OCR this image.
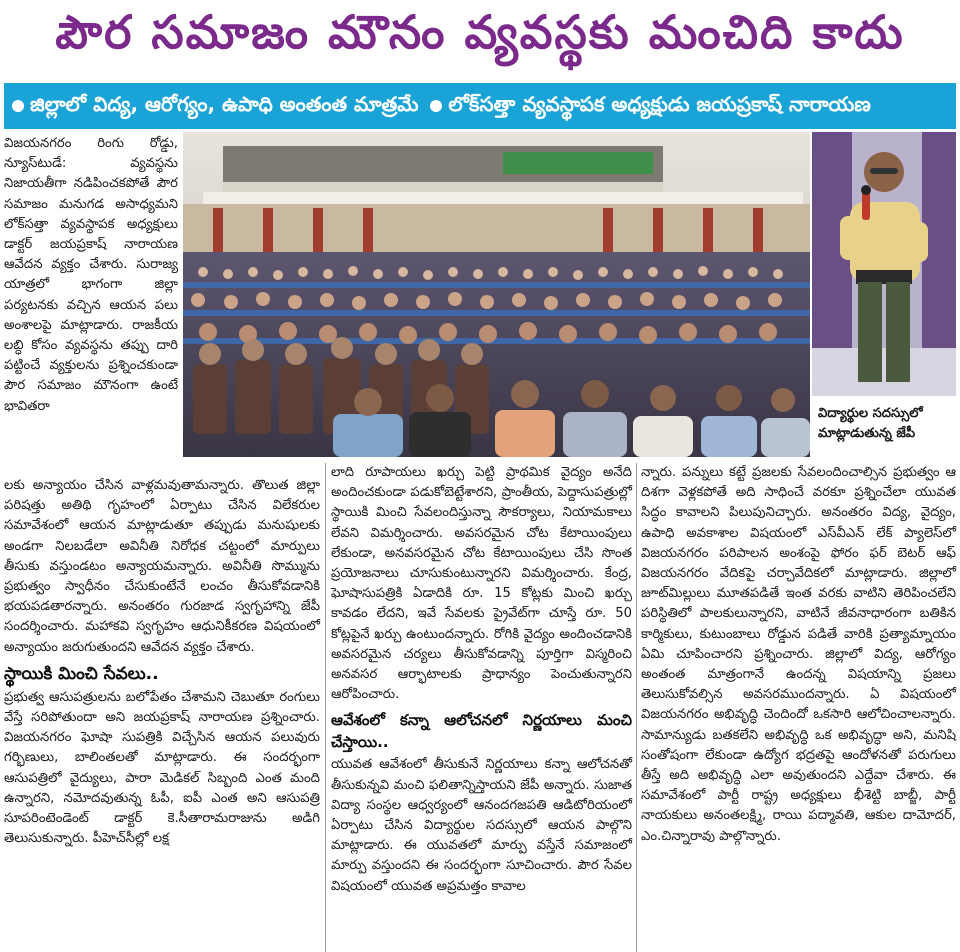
పౌర సమాజం మౌనం వ్యవస్థకు మంచిది కాదు
జిల్లాలో విద్య, ఆరోగ్యం, ఉపాధి అంతంత మాత్రమే లోక్‌సత్తా వ్యవస్థాపక అధ్యక్షుడు జయప్రకాష్ నారాయణ

విజయనగరం రింగు రోడ్డు, న్యూస్‌టుడే: వ్యవస్థను నిజాయతీగా నడిపించకపోతే పౌర సమాజం మనుగడ అసాధ్యమని లోక్‌సత్తా వ్యవస్థాపక అధ్యక్షులు డాక్టర్ జయప్రకాష్ నారాయణ ఆవేదన వ్యక్తం చేశారు. సురాజ్య యాత్రలో భాగంగా జిల్లా పర్యటనకు వచ్చిన ఆయన పలు అంశాలపై మాట్లాడారు. రాజకీయ లబ్ధి కోసం వ్యవస్థను తప్పు దారి పట్టించే వ్యక్తులను ప్రశ్నించకుండా పౌర సమాజం మౌనంగా ఉంటే భావితరా	విద్యార్థుల సదస్సులో మాట్లాడుతున్న జేపీ

లకు అన్యాయం చేసిన వాళ్లమవుతామన్నారు. తొలుత జిల్లా పరిషత్తు అతిథి గృహంలో ఏర్పాటు చేసిన విలేకరుల సమావేశంలో ఆయన మాట్లాడుతూ తప్పుడు మనుషులకు అండగా నిలబడేలా అవినీతి నిరోధక చట్టంలో మార్పులు తీసుకు వస్తుండటం అన్యాయమన్నారు. అవినీతి సొమ్మును ప్రభుత్వం స్వాధీనం చేసుకుంటేనే లంచం తీసుకోవడానికి భయపడతారన్నారు. అనంతరం గురజాడ స్వగృహాన్ని జేపీ సందర్శించారు. మహాకవి స్వగృహం ఆధునికీకరణ విషయంలో అన్యాయం జరుగుతుందని ఆవేదన వ్యక్తం చేశారు.

స్థాయికి మించి సేవలు..

ప్రభుత్వ ఆసుపత్రులను బలోపేతం చేశామని చెబుతూ రంగులు వేస్తే సరిపోతుందా అని జయప్రకాష్ నారాయణ ప్రశ్నించారు. విజయనగరం ఘోషా సుపత్రికి విచ్చేసిన ఆయన పలువురు గర్భిణులు, బాలింతలతో మాట్లాడారు. ఈ సందర్భంగా ఆసుపత్రిలో వైద్యులు, పారా మెడికల్ సిబ్బంది ఎంత మంది ఉన్నారని, నమోదవుతున్న ఓపీ, ఐపీ ఎంత అని ఆసుపత్రి సూపరింటెండెంట్ డాక్టర్ కె.సీతారామరాజును అడిగి తెలుసుకున్నారు. పీహెచ్‌సీల్లో లక్ష

లాది రూపాయలు ఖర్చు పెట్టి ప్రాథమిక వైద్యం అనేది అందించకుండా పడుకోబెట్టేశారని, ప్రాంతీయ, పెద్దాసుపత్రుల్లో స్థాయికి మించి సేవలందిస్తున్నా సౌకర్యాలు, నియామకాలు లేవని విమర్శించారు. అవసరమైన చోట కేటాయింపులు లేకుండా, అనవసరమైన చోట కేటాయింపులు చేసి సొంత ప్రయోజనాలు చూసుకుంటున్నారని విమర్శించారు. కేంద్ర, ఘోషాసుపత్రికి ఏడాదికి రూ. 15 కోట్లకు మించి ఖర్చు కావడం లేదని, ఇవే సేవలకు ప్రైవేట్‌గా చూస్తే రూ. 50 కోట్లపైనే ఖర్చు ఉంటుందన్నారు. రోగికి వైద్యం అందించడానికి అవసరమైన చర్యలు తీసుకోవడాన్ని పూర్తిగా విస్మరించి అనవసర ఆర్భాటాలకు ప్రాధాన్యం పెంచుతున్నారని ఆరోపించారు.

ఆవేశంలో కన్నా ఆలోచనలో నిర్ణయాలు మంచి చేస్తాయి..

యువత ఆవేశంలో తీసుకునే నిర్ణయాలు కన్నా ఆలోచనతో తీసుకున్నవి మంచి ఫలితాన్నిస్తాయని జేపీ అన్నారు. సుజాత విద్యా సంస్థల ఆధ్వర్యంలో ఆనందగజపతి ఆడిటోరియంలో ఏర్పాటు చేసిన విద్యార్థుల సదస్సులో ఆయన పాల్గొని మాట్లాడారు. ఈ యువతలో మార్పు వస్తేనే సమాజంలో మార్పు వస్తుందని ఈ సందర్భంగా సూచించారు. పౌర సేవల విషయంలో యువత అప్రమత్తం కావాల

న్నారు. పన్నులు కట్టే ప్రజలకు సేవలందించాల్సిన ప్రభుత్వం ఆ దిశగా వెళ్లకపోతే అది సాధించే వరకూ ప్రశ్నించేలా యువత సిద్ధం కావాలని పిలుపునిచ్చారు. అనంతరం విద్య, వైద్యం, ఉపాధి అవకాశాల విషయంలో ఎస్‌వీఎన్ లేక్ ప్యాలెస్‌లో విజయనగరం పరిపాలన అంశంపై ఫోరం ఫర్ బెటర్ ఆఫ్ విజయనగరం వేదికపై చర్చావేదికలో మాట్లాడారు. జిల్లాలో జూట్‌మిల్లులు మూతపడితే ఇంత వరకు వాటిని తెరిపించలేని పరిస్థితిలో పాలకులున్నారని, వాటినే జీవనాధారంగా బతికిన కార్మికులు, కుటుంబాలు రోడ్డున పడితే వారికి ప్రత్యామ్నాయం ఏమి చూపించారని ప్రశ్నించారు. జిల్లాలో విద్య, ఆరోగ్యం అంతంత మాత్రంగానే ఉందన్న విషయాన్ని ప్రజలు తెలుసుకోవల్సిన అవసరముందన్నారు. ఏ విషయంలో విజయనగరం అభివృద్ధి చెందిందో ఒకసారి ఆలోచించాలన్నారు. సామాన్యుడు బతకలేని అభివృద్ధి ఒక అభివృద్ధా అని, మనిషి సంతోషంగా లేకుండా ఉద్యోగ భద్రతపై ఆందోళనతో పరుగులు తీస్తే అది అభివృద్ధి ఎలా అవుతుందని ఎద్దేవా చేశారు. ఈ సమావేశంలో పార్టీ రాష్ట్ర అధ్యక్షులు భీశెట్టి బాబ్జీ, పార్టీ నాయకులు అనంతలక్ష్మి, రాయి పద్మావతి, ఆకుల దామోదర్, ఎం.చిన్నారావు పాల్గొన్నారు.
